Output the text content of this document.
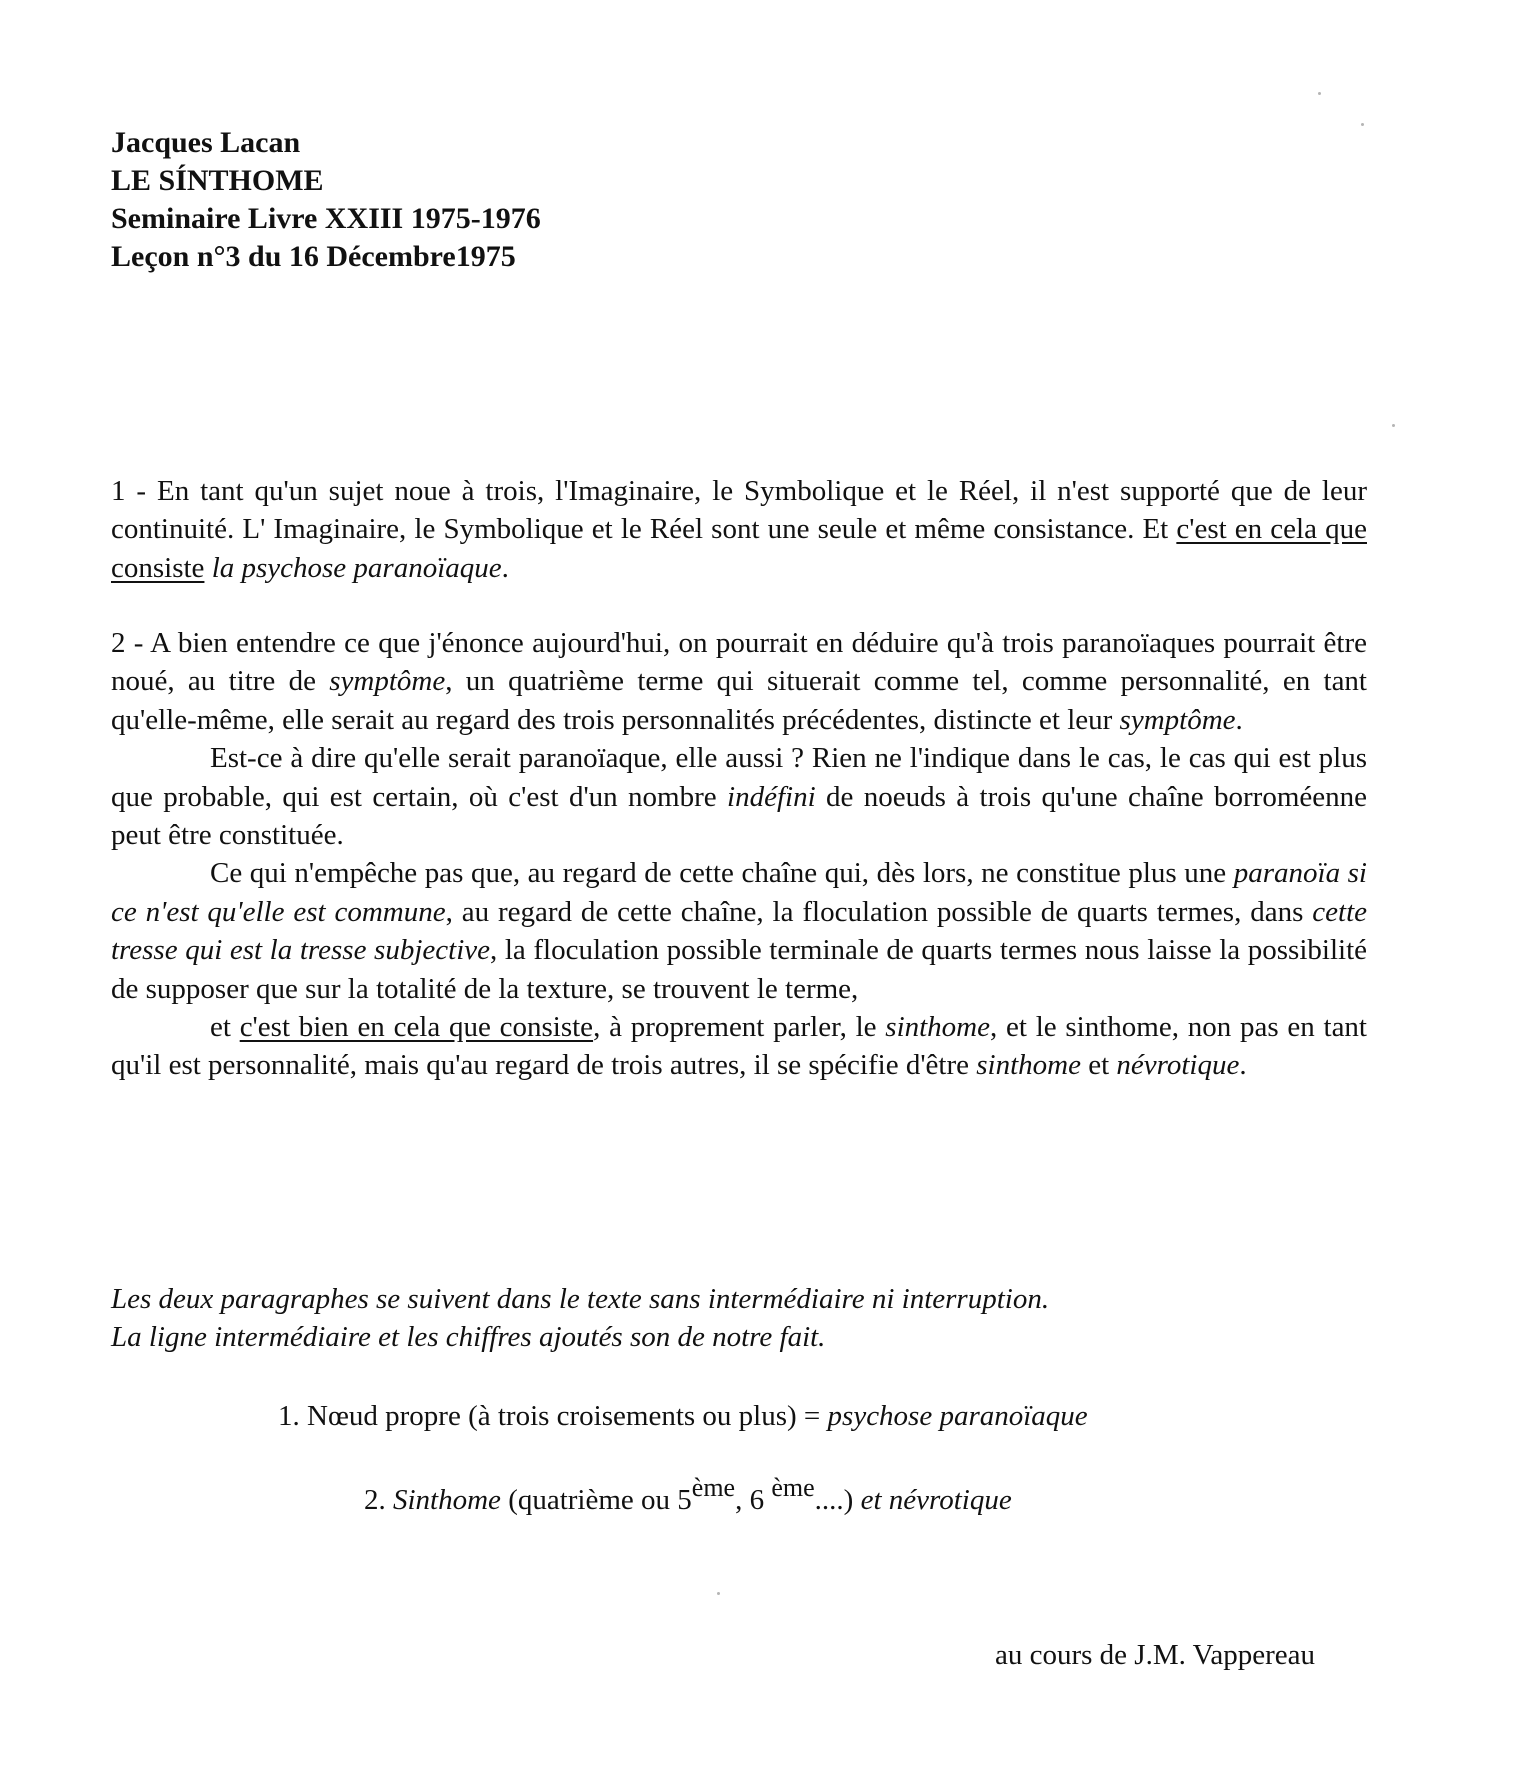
Jacques Lacan
LE SÍNTHOME
Seminaire Livre XXIII 1975-1976
Leçon n°3 du 16 Décembre1975

1 - En tant qu'un sujet noue à trois, l'Imaginaire, le Symbolique et le Réel, il n'est supporté que de leur continuité. L' Imaginaire, le Symbolique et le Réel sont une seule et même consistance. Et c'est en cela que consiste la psychose paranoïaque.

2 - A bien entendre ce que j'énonce aujourd'hui, on pourrait en déduire qu'à trois paranoïaques pourrait être noué, au titre de symptôme, un quatrième terme qui situerait comme tel, comme personnalité, en tant qu'elle-même, elle serait au regard des trois personnalités précédentes, distincte et leur symptôme.

Est-ce à dire qu'elle serait paranoïaque, elle aussi ? Rien ne l'indique dans le cas, le cas qui est plus que probable, qui est certain, où c'est d'un nombre indéfini de noeuds à trois qu'une chaîne borroméenne peut être constituée.

Ce qui n'empêche pas que, au regard de cette chaîne qui, dès lors, ne constitue plus une paranoïa si ce n'est qu'elle est commune, au regard de cette chaîne, la floculation possible de quarts termes, dans cette tresse qui est la tresse subjective, la floculation possible terminale de quarts termes nous laisse la possibilité de supposer que sur la totalité de la texture, se trouvent le terme,

et c'est bien en cela que consiste, à proprement parler, le sinthome, et le sinthome, non pas en tant qu'il est personnalité, mais qu'au regard de trois autres, il se spécifie d'être sinthome et névrotique.

Les deux paragraphes se suivent dans le texte sans intermédiaire ni interruption.
La ligne intermédiaire et les chiffres ajoutés son de notre fait.
1. Nœud propre (à trois croisements ou plus) = psychose paranoïaque
2. Sinthome (quatrième ou 5ème, 6 $^{ème}$....) et névrotique
au cours de J.M. Vappereau
